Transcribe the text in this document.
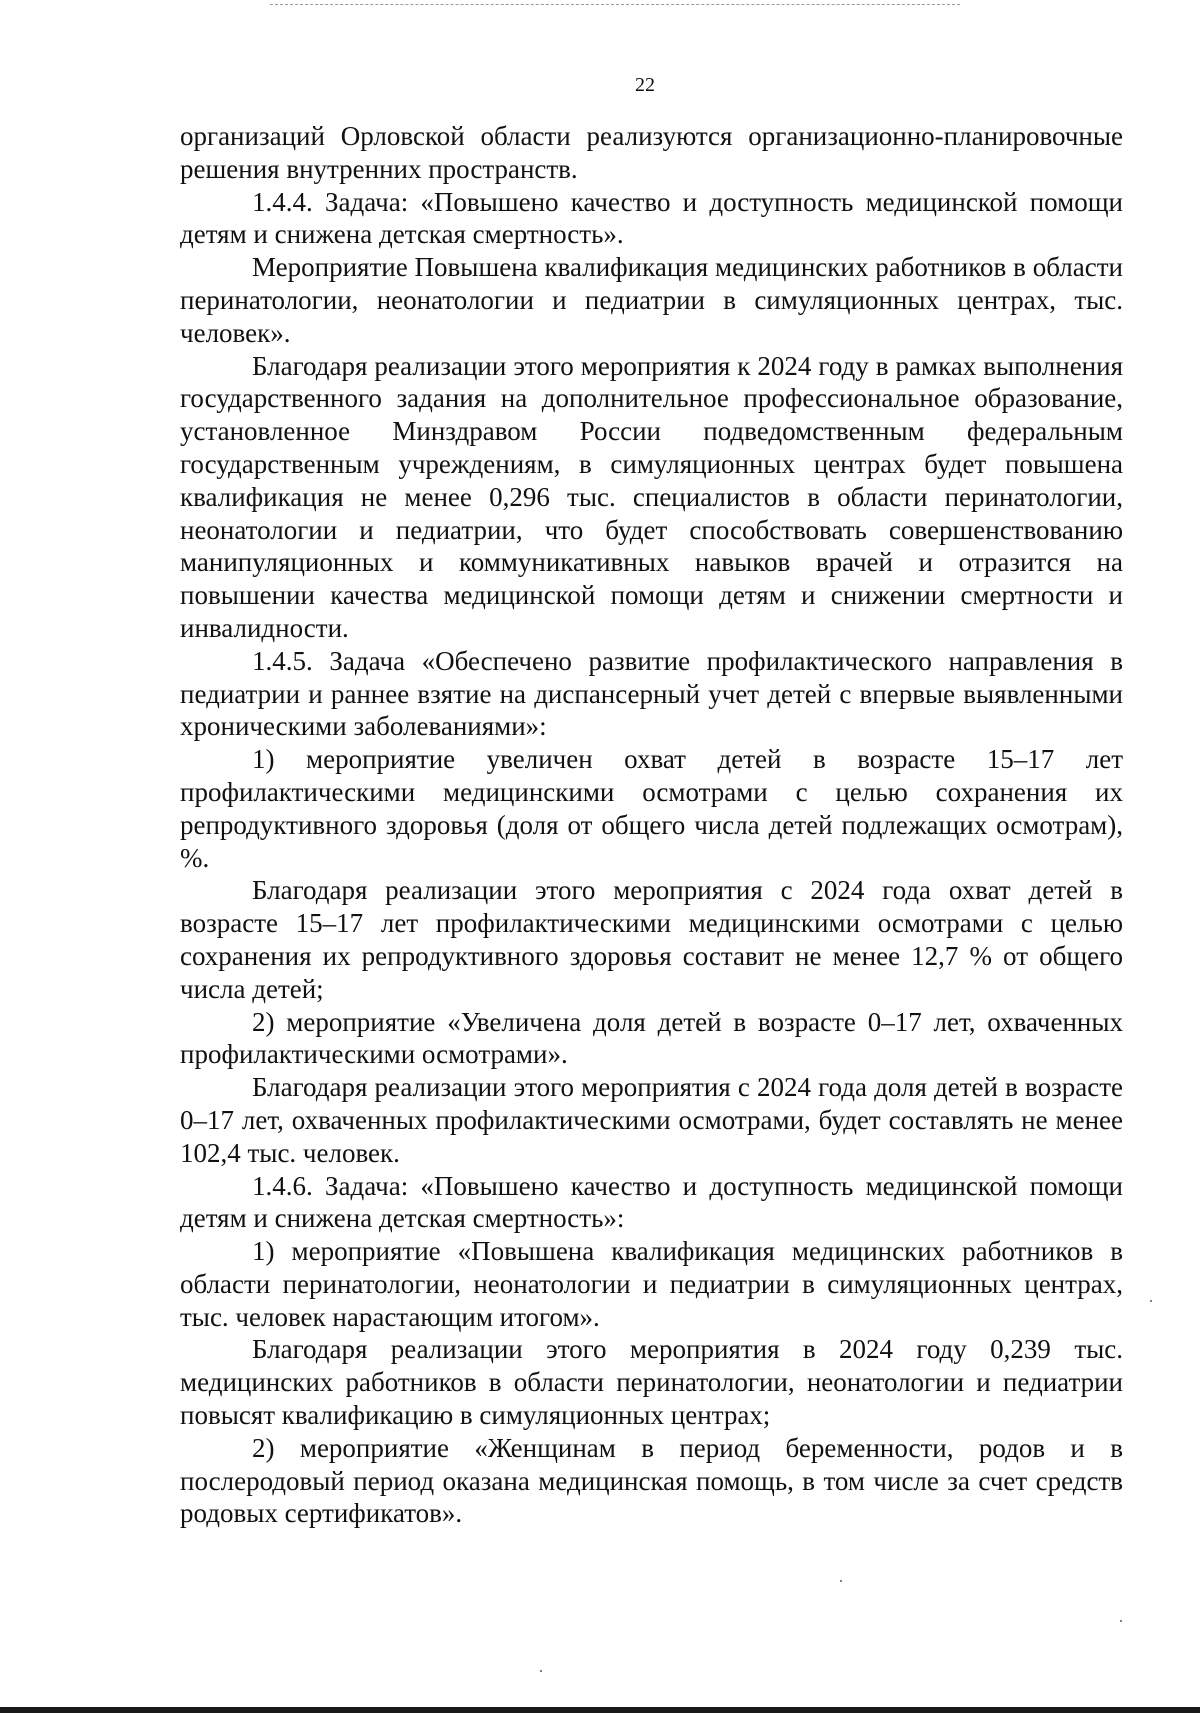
22

организаций Орловской области реализуются организационно-планировочные решения внутренних пространств.

1.4.4. Задача: «Повышено качество и доступность медицинской помощи детям и снижена детская смертность».

Мероприятие Повышена квалификация медицинских работников в области перинатологии, неонатологии и педиатрии в симуляционных центрах, тыс. человек».

Благодаря реализации этого мероприятия к 2024 году в рамках выполнения государственного задания на дополнительное профессиональное образование, установленное Минздравом России подведомственным федеральным государственным учреждениям, в симуляционных центрах будет повышена квалификация не менее 0,296 тыс. специалистов в области перинатологии, неонатологии и педиатрии, что будет способствовать совершенствованию манипуляционных и коммуникативных навыков врачей и отразится на повышении качества медицинской помощи детям и снижении смертности и инвалидности.

1.4.5. Задача «Обеспечено развитие профилактического направления в педиатрии и раннее взятие на диспансерный учет детей с впервые выявленными хроническими заболеваниями»:

1) мероприятие увеличен охват детей в возрасте 15–17 лет профилактическими медицинскими осмотрами с целью сохранения их репродуктивного здоровья (доля от общего числа детей подлежащих осмотрам), %.

Благодаря реализации этого мероприятия с 2024 года охват детей в возрасте 15–17 лет профилактическими медицинскими осмотрами с целью сохранения их репродуктивного здоровья составит не менее 12,7 % от общего числа детей;

2) мероприятие «Увеличена доля детей в возрасте 0–17 лет, охваченных профилактическими осмотрами».

Благодаря реализации этого мероприятия с 2024 года доля детей в возрасте 0–17 лет, охваченных профилактическими осмотрами, будет составлять не менее 102,4 тыс. человек.

1.4.6. Задача: «Повышено качество и доступность медицинской помощи детям и снижена детская смертность»:

1) мероприятие «Повышена квалификация медицинских работников в области перинатологии, неонатологии и педиатрии в симуляционных центрах, тыс. человек нарастающим итогом».

Благодаря реализации этого мероприятия в 2024 году 0,239 тыс. медицинских работников в области перинатологии, неонатологии и педиатрии повысят квалификацию в симуляционных центрах;

2) мероприятие «Женщинам в период беременности, родов и в послеродовый период оказана медицинская помощь, в том числе за счет средств родовых сертификатов».
